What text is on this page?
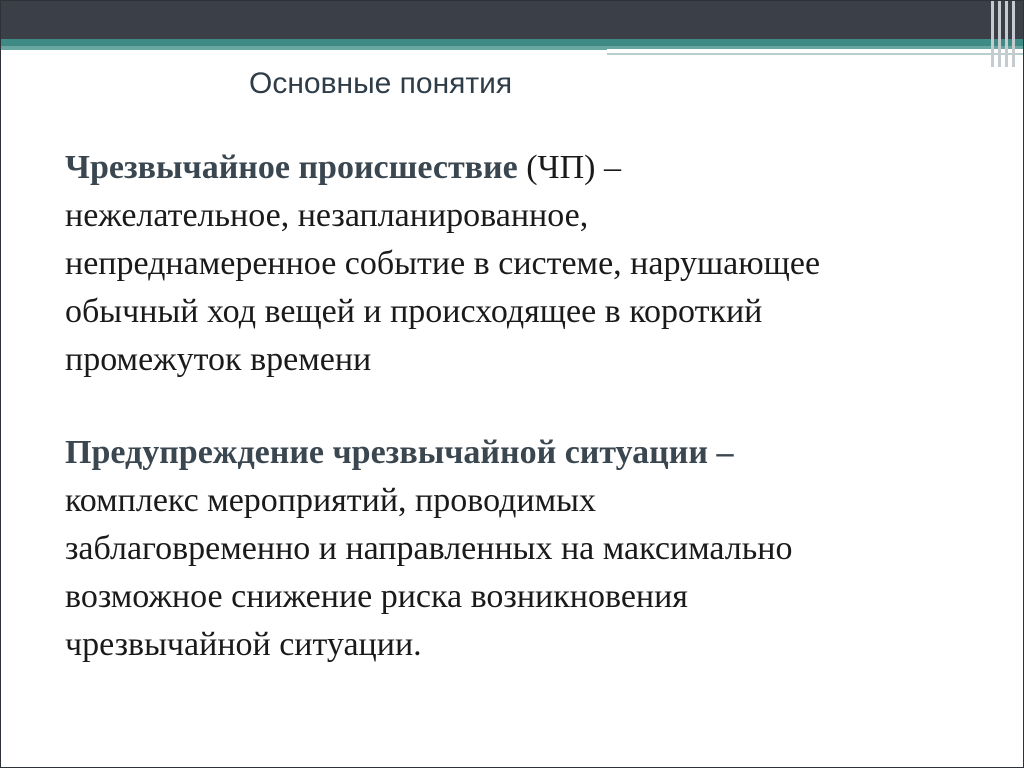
Основные понятия
Чрезвычайное происшествие (ЧП) –
нежелательное, незапланированное,
непреднамеренное событие в системе, нарушающее
обычный ход вещей и происходящее в короткий
промежуток времени
Предупреждение чрезвычайной ситуации –
комплекс мероприятий, проводимых
заблаговременно и направленных на максимально
возможное снижение риска возникновения
чрезвычайной ситуации.
